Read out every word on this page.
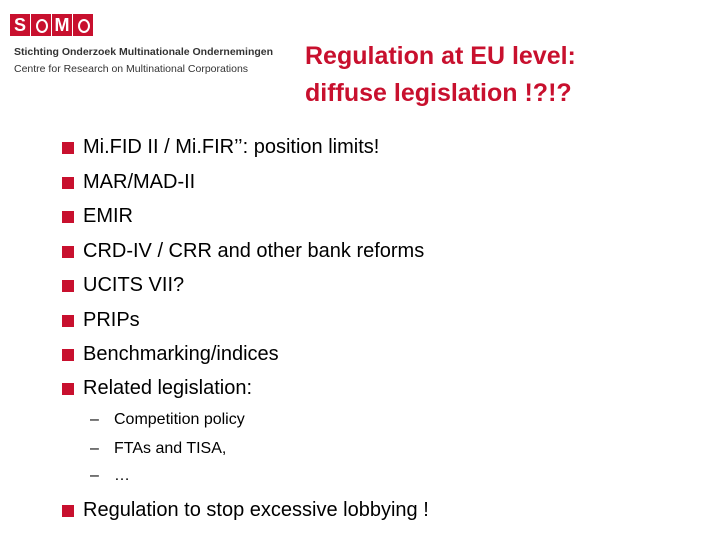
S M
Stichting Onderzoek Multinationale Ondernemingen
Centre for Research on Multinational Corporations Regulation at EU level:
diffuse legislation !?!?
Mi.FID II / Mi.FIR’’: position limits!
MAR/MAD-II
EMIR
CRD-IV / CRR and other bank reforms
UCITS VII?
PRIPs
Benchmarking/indices
Related legislation:
– Competition policy
– FTAs and TISA,
– …
Regulation to stop excessive lobbying !
